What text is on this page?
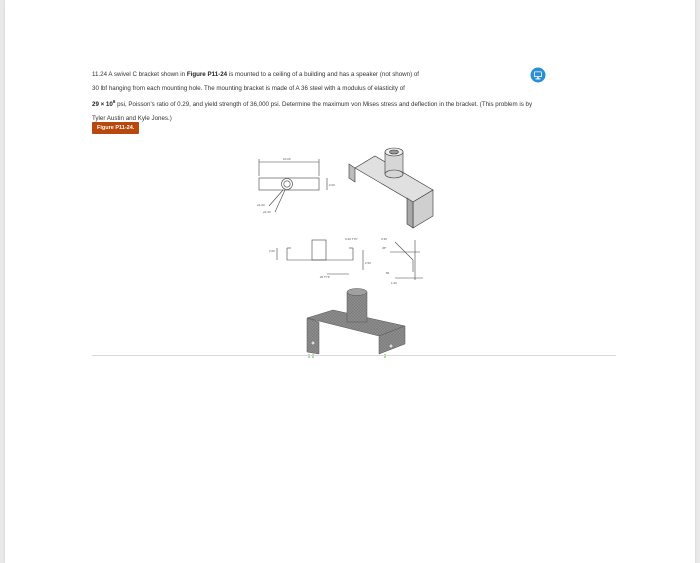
11.24 A swivel C bracket shown in Figure P11-24 is mounted to a ceiling of a building and has a speaker (not shown) of

30 lbf hanging from each mounting hole. The mounting bracket is made of A 36 steel with a modulus of elasticity of

$29 \times 10^6$ psi, Poisson’s ratio of 0.29, and yield strength of 36,000 psi. Determine the maximum von Mises stress and deflection in the bracket. (This problem is by

Tyler Austin and Kyle Jones.)

Figure P11-24.
10.00
2.00
ø1.00
ø1.50
2.00
0.20 TYP
2.50
.20 TYP
0.35
45°
.50
1.00
